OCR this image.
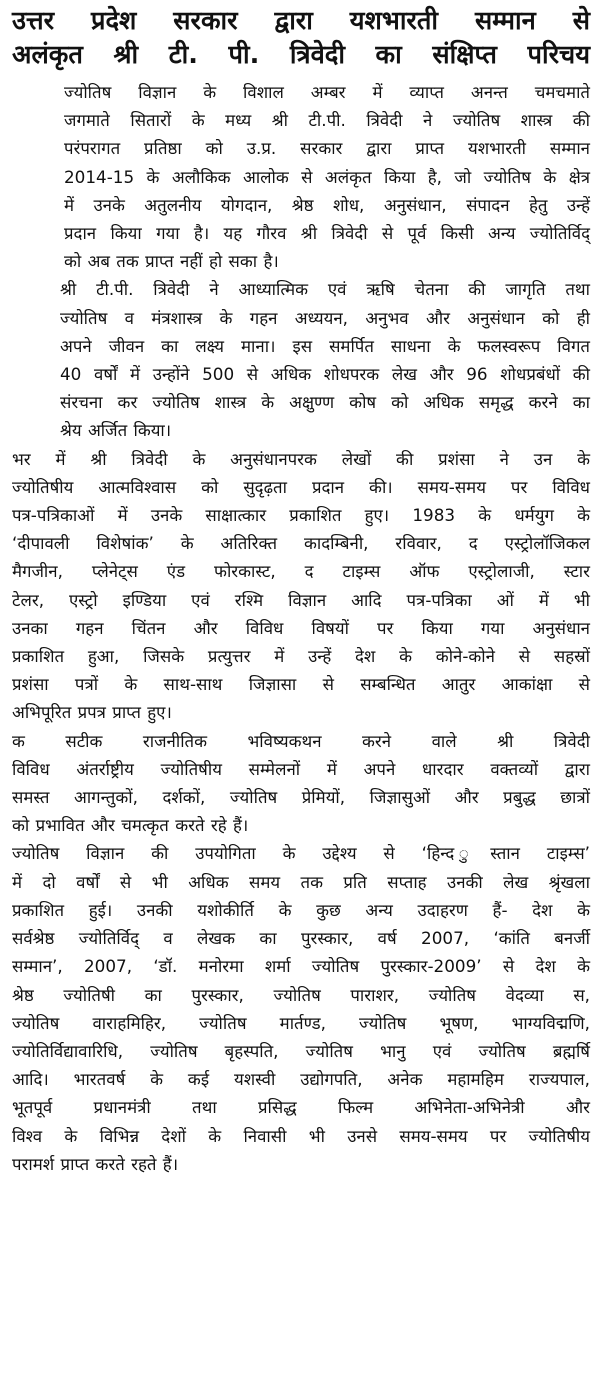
उत्तर प्रदेश सरकार द्वारा यशभारती सम्मान से
अलंकृत श्री टी. पी. त्रिवेदी का संक्षिप्त परिचय

ज्योतिष विज्ञान के विशाल अम्बर में व्याप्त अनन्त चमचमाते
जगमाते सितारों के मध्य श्री टी.पी. त्रिवेदी ने ज्योतिष शास्त्र की
परंपरागत प्रतिष्ठा को उ.प्र. सरकार द्वारा प्राप्त यशभारती सम्मान
2014-15 के अलौकिक आलोक से अलंकृत किया है, जो ज्योतिष के क्षेत्र
में उनके अतुलनीय योगदान, श्रेष्ठ शोध, अनुसंधान, संपादन हेतु उन्हें
प्रदान किया गया है। यह गौरव श्री त्रिवेदी से पूर्व किसी अन्य ज्योतिर्विद्
को अब तक प्राप्त नहीं हो सका है।

श्री टी.पी. त्रिवेदी ने आध्यात्मिक एवं ऋषि चेतना की जागृति तथा
ज्योतिष व मंत्रशास्त्र के गहन अध्ययन, अनुभव और अनुसंधान को ही
अपने जीवन का लक्ष्य माना। इस समर्पित साधना के फलस्वरूप विगत
40 वर्षों में उन्होंने 500 से अधिक शोधपरक लेख और 96 शोधप्रबंधों की
संरचना कर ज्योतिष शास्त्र के अक्षुण्ण कोष को अधिक समृद्ध करने का
श्रेय अर्जित किया।

भर में श्री त्रिवेदी के अनुसंधानपरक लेखों की प्रशंसा ने उन के
ज्योतिषीय आत्मविश्वास को सुदृढ़ता प्रदान की। समय-समय पर विविध
पत्र-पत्रिकाओं में उनके साक्षात्कार प्रकाशित हुए। 1983 के धर्मयुग के
‘दीपावली विशेषांक’ के अतिरिक्त कादम्बिनी, रविवार, द एस्ट्रोलॉजिकल
मैगजीन, प्लेनेट्स एंड फोरकास्ट, द टाइम्स ऑफ एस्ट्रोलाजी, स्टार
टेलर, एस्ट्रो इण्डिया एवं रश्मि विज्ञान आदि पत्र-पत्रिका ओं में भी
उनका गहन चिंतन और विविध विषयों पर किया गया अनुसंधान
प्रकाशित हुआ, जिसके प्रत्युत्तर में उन्हें देश के कोने-कोने से सहस्रों
प्रशंसा पत्रों के साथ-साथ जिज्ञासा से सम्बन्धित आतुर आकांक्षा से
अभिपूरित प्रपत्र प्राप्त हुए।

क सटीक राजनीतिक भविष्यकथन करने वाले श्री त्रिवेदी
विविध अंतर्राष्ट्रीय ज्योतिषीय सम्मेलनों में अपने धारदार वक्तव्यों द्वारा
समस्त आगन्तुकों, दर्शकों, ज्योतिष प्रेमियों, जिज्ञासुओं और प्रबुद्ध छात्रों
को प्रभावित और चमत्कृत करते रहे हैं।

ज्योतिष विज्ञान की उपयोगिता के उद्देश्य से ‘हिन्द ुस्तान टाइम्स’
में दो वर्षों से भी अधिक समय तक प्रति सप्ताह उनकी लेख श्रृंखला
प्रकाशित हुई। उनकी यशोकीर्ति के कुछ अन्य उदाहरण हैं- देश के
सर्वश्रेष्ठ ज्योतिर्विद् व लेखक का पुरस्कार, वर्ष 2007, ‘कांति बनर्जी
सम्मान’, 2007, ‘डॉ. मनोरमा शर्मा ज्योतिष पुरस्कार-2009’ से देश के
श्रेष्ठ ज्योतिषी का पुरस्कार, ज्योतिष पाराशर, ज्योतिष वेदव्या स,
ज्योतिष वाराहमिहिर, ज्योतिष मार्तण्ड, ज्योतिष भूषण, भाग्यविद्मणि,
ज्योतिर्विद्यावारिधि, ज्योतिष बृहस्पति, ज्योतिष भानु एवं ज्योतिष ब्रह्मर्षि
आदि। भारतवर्ष के कई यशस्वी उद्योगपति, अनेक महामहिम राज्यपाल,
भूतपूर्व प्रधानमंत्री तथा प्रसिद्ध फिल्म अभिनेता-अभिनेत्री और
विश्व के विभिन्न देशों के निवासी भी उनसे समय-समय पर ज्योतिषीय
परामर्श प्राप्त करते रहते हैं।
